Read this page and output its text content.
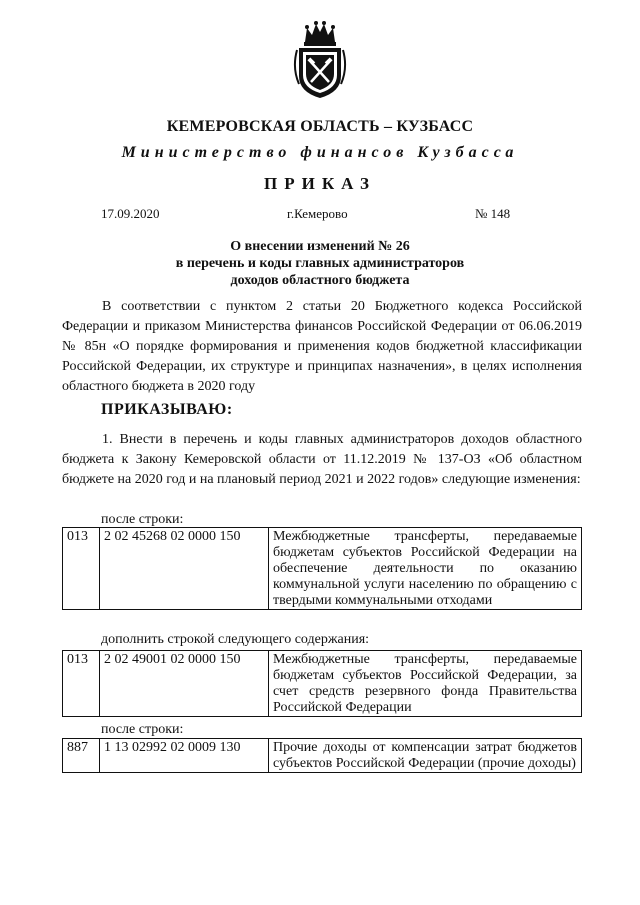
КЕМЕРОВСКАЯ ОБЛАСТЬ – КУЗБАСС
Министерство финансов Кузбасса
ПРИКАЗ
17.09.2020	г.Кемерово	№ 148
О внесении изменений № 26
в перечень и коды главных администраторов
доходов областного бюджета
В соответствии с пунктом 2 статьи 20 Бюджетного кодекса Российской Федерации и приказом Министерства финансов Российской Федерации от 06.06.2019 № 85н «О порядке формирования и применения кодов бюджетной классификации Российской Федерации, их структуре и принципах назначения», в целях исполнения областного бюджета в 2020 году
ПРИКАЗЫВАЮ:
1. Внести в перечень и коды главных администраторов доходов областного бюджета к Закону Кемеровской области от 11.12.2019 № 137-ОЗ «Об областном бюджете на 2020 год и на плановый период 2021 и 2022 годов» следующие изменения:
после строки:
013	2 02 45268 02 0000 150	Межбюджетные трансферты, передаваемые бюджетам субъектов Российской Федерации на обеспечение деятельности по оказанию коммунальной услуги населению по обращению с твердыми коммунальными отходами
дополнить строкой следующего содержания:
013	2 02 49001 02 0000 150	Межбюджетные трансферты, передаваемые бюджетам субъектов Российской Федерации, за счет средств резервного фонда Правительства Российской Федерации
после строки:
887	1 13 02992 02 0009 130	Прочие доходы от компенсации затрат бюджетов субъектов Российской Федерации (прочие доходы)
